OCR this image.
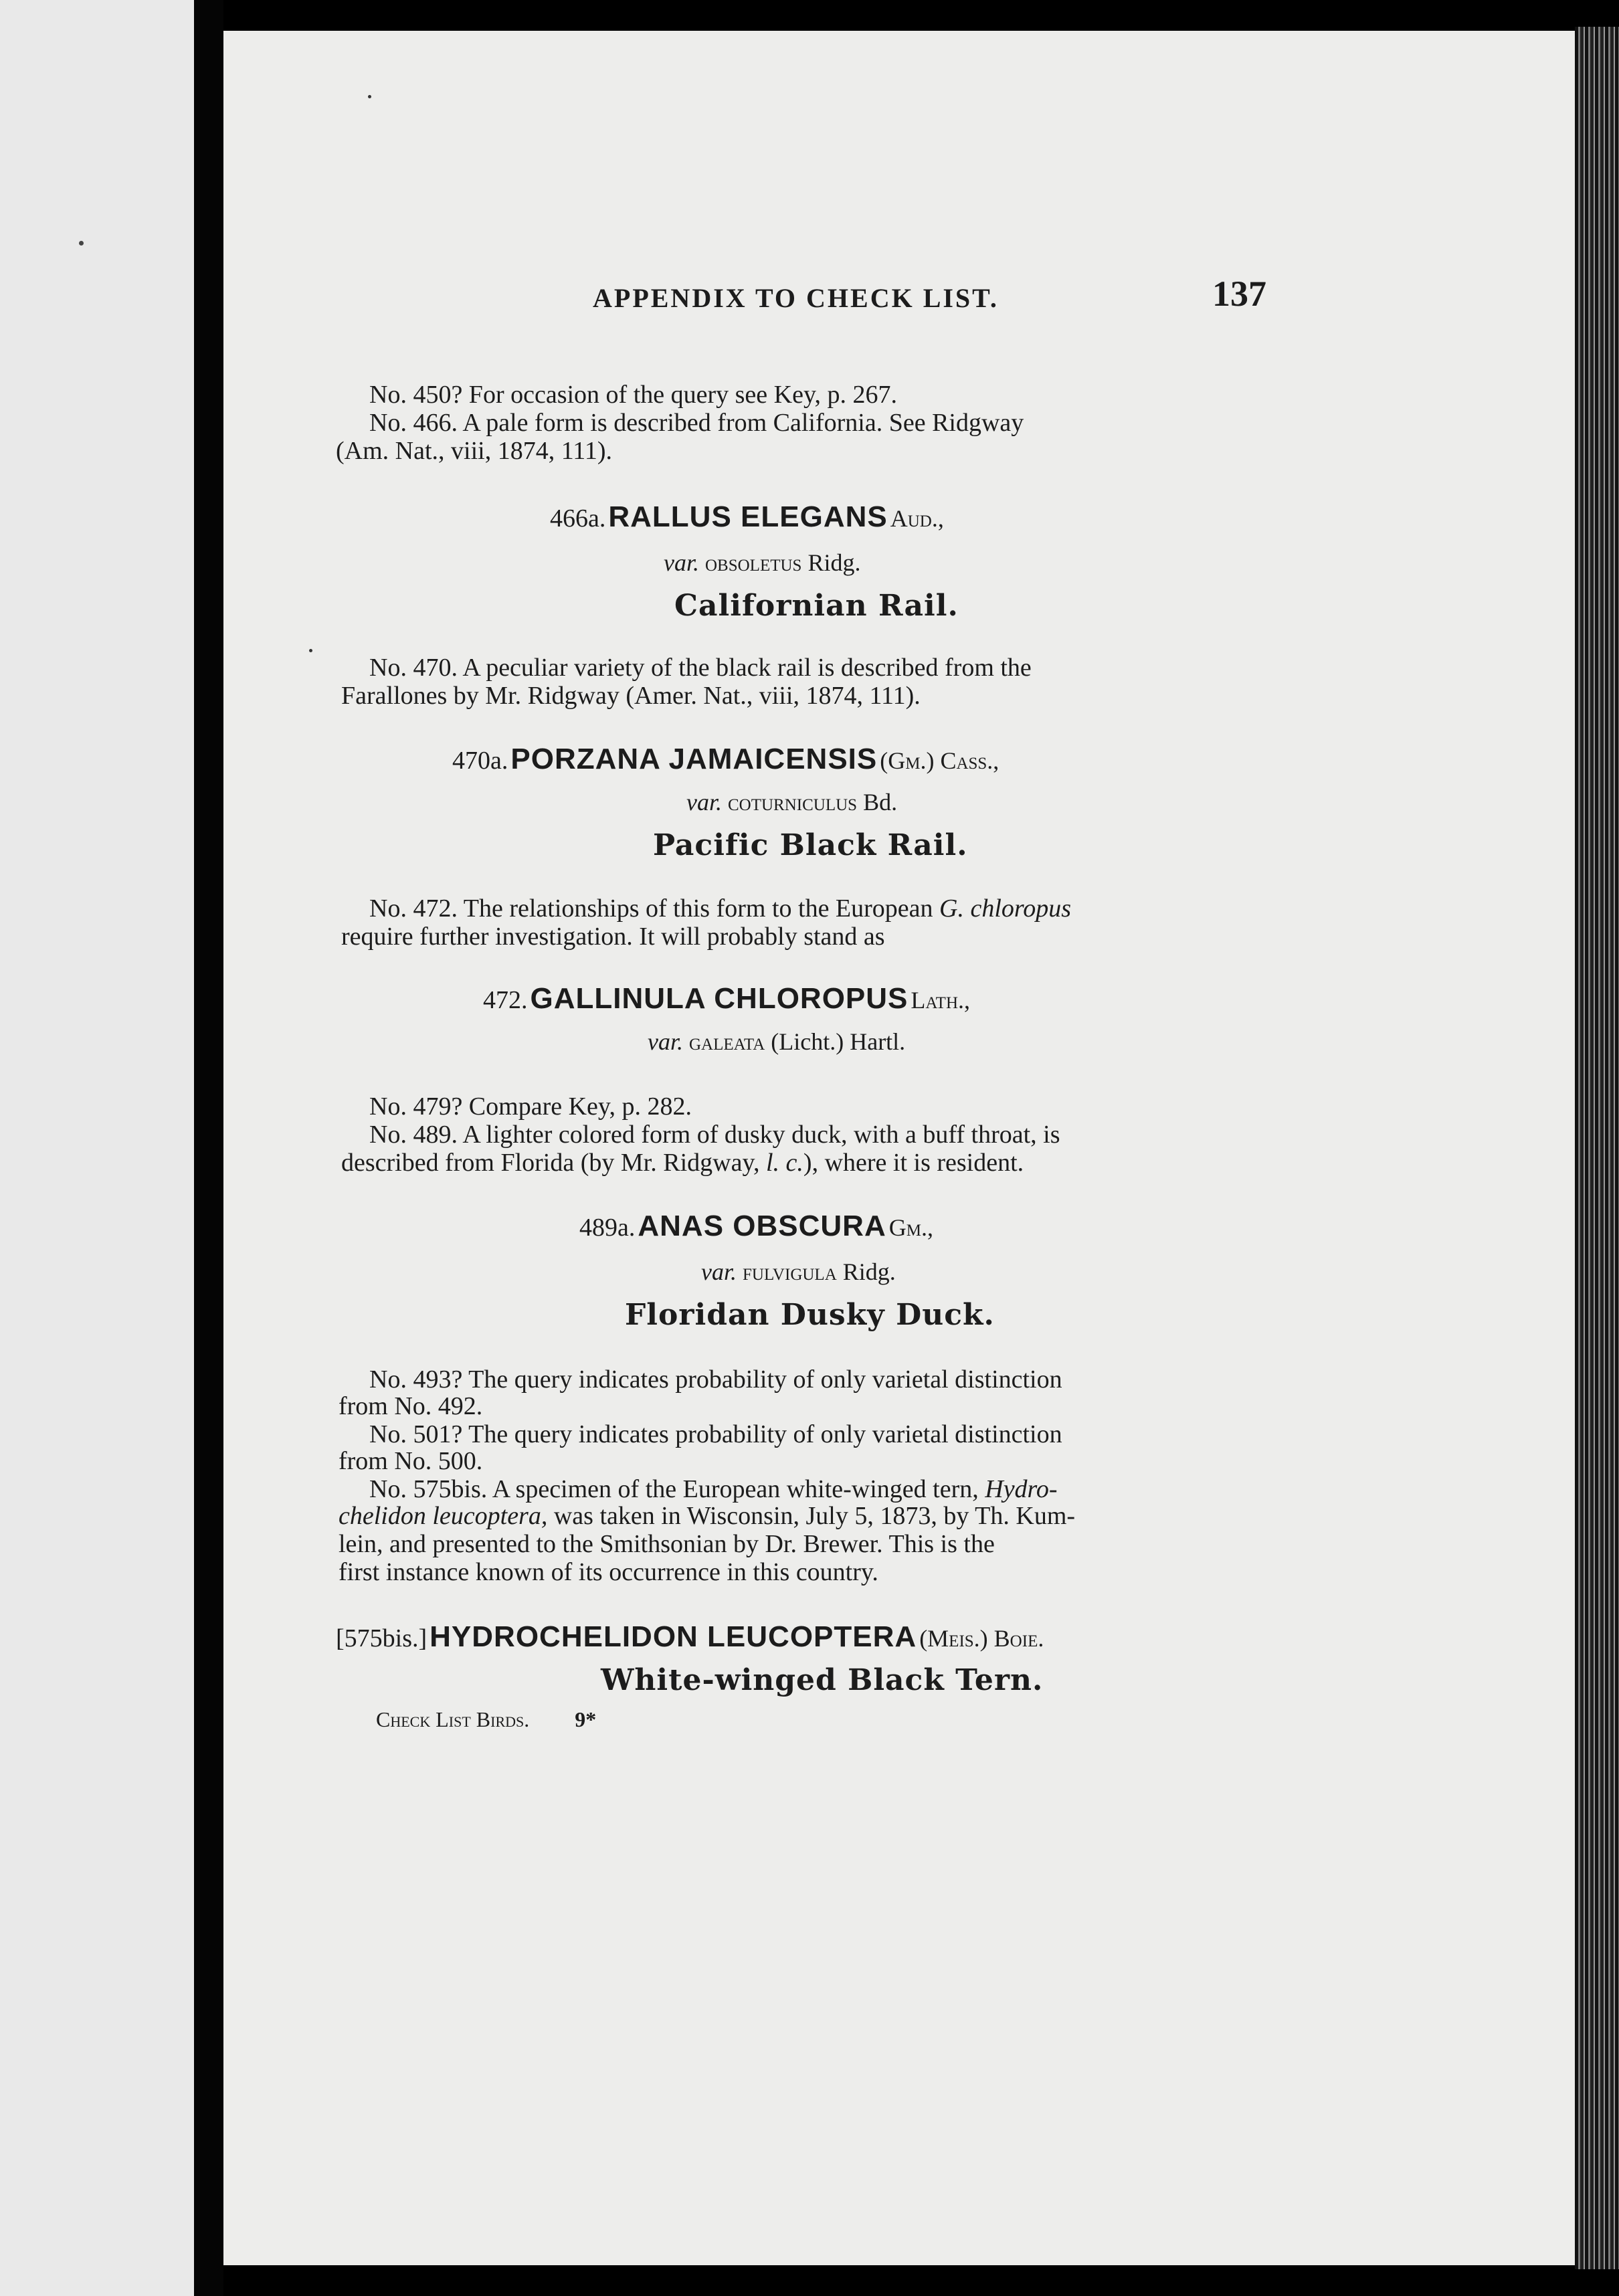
APPENDIX TO CHECK LIST.	137
No. 450? For occasion of the query see Key, p. 267.
No. 466. A pale form is described from California. See Ridgway
(Am. Nat., viii, 1874, 111).
466a. RALLUS ELEGANS Aud.,
var. obsoletus Ridg.
Californian Rail.
No. 470. A peculiar variety of the black rail is described from the
Farallones by Mr. Ridgway (Amer. Nat., viii, 1874, 111).
470a. PORZANA JAMAICENSIS (Gm.) Cass.,
var. coturniculus Bd.
Pacific Black Rail.
No. 472. The relationships of this form to the European G. chloropus
require further investigation. It will probably stand as
472. GALLINULA CHLOROPUS Lath.,
var. galeata (Licht.) Hartl.
No. 479? Compare Key, p. 282.
No. 489. A lighter colored form of dusky duck, with a buff throat, is
described from Florida (by Mr. Ridgway, l. c.), where it is resident.
489a. ANAS OBSCURA Gm.,
var. fulvigula Ridg.
Floridan Dusky Duck.
No. 493? The query indicates probability of only varietal distinction
from No. 492.
No. 501? The query indicates probability of only varietal distinction
from No. 500.
No. 575bis. A specimen of the European white-winged tern, Hydro-
chelidon leucoptera, was taken in Wisconsin, July 5, 1873, by Th. Kum-
lein, and presented to the Smithsonian by Dr. Brewer. This is the
first instance known of its occurrence in this country.
[575bis.] HYDROCHELIDON LEUCOPTERA (Meis.) Boie.
White-winged Black Tern.
Check List Birds. 9*
